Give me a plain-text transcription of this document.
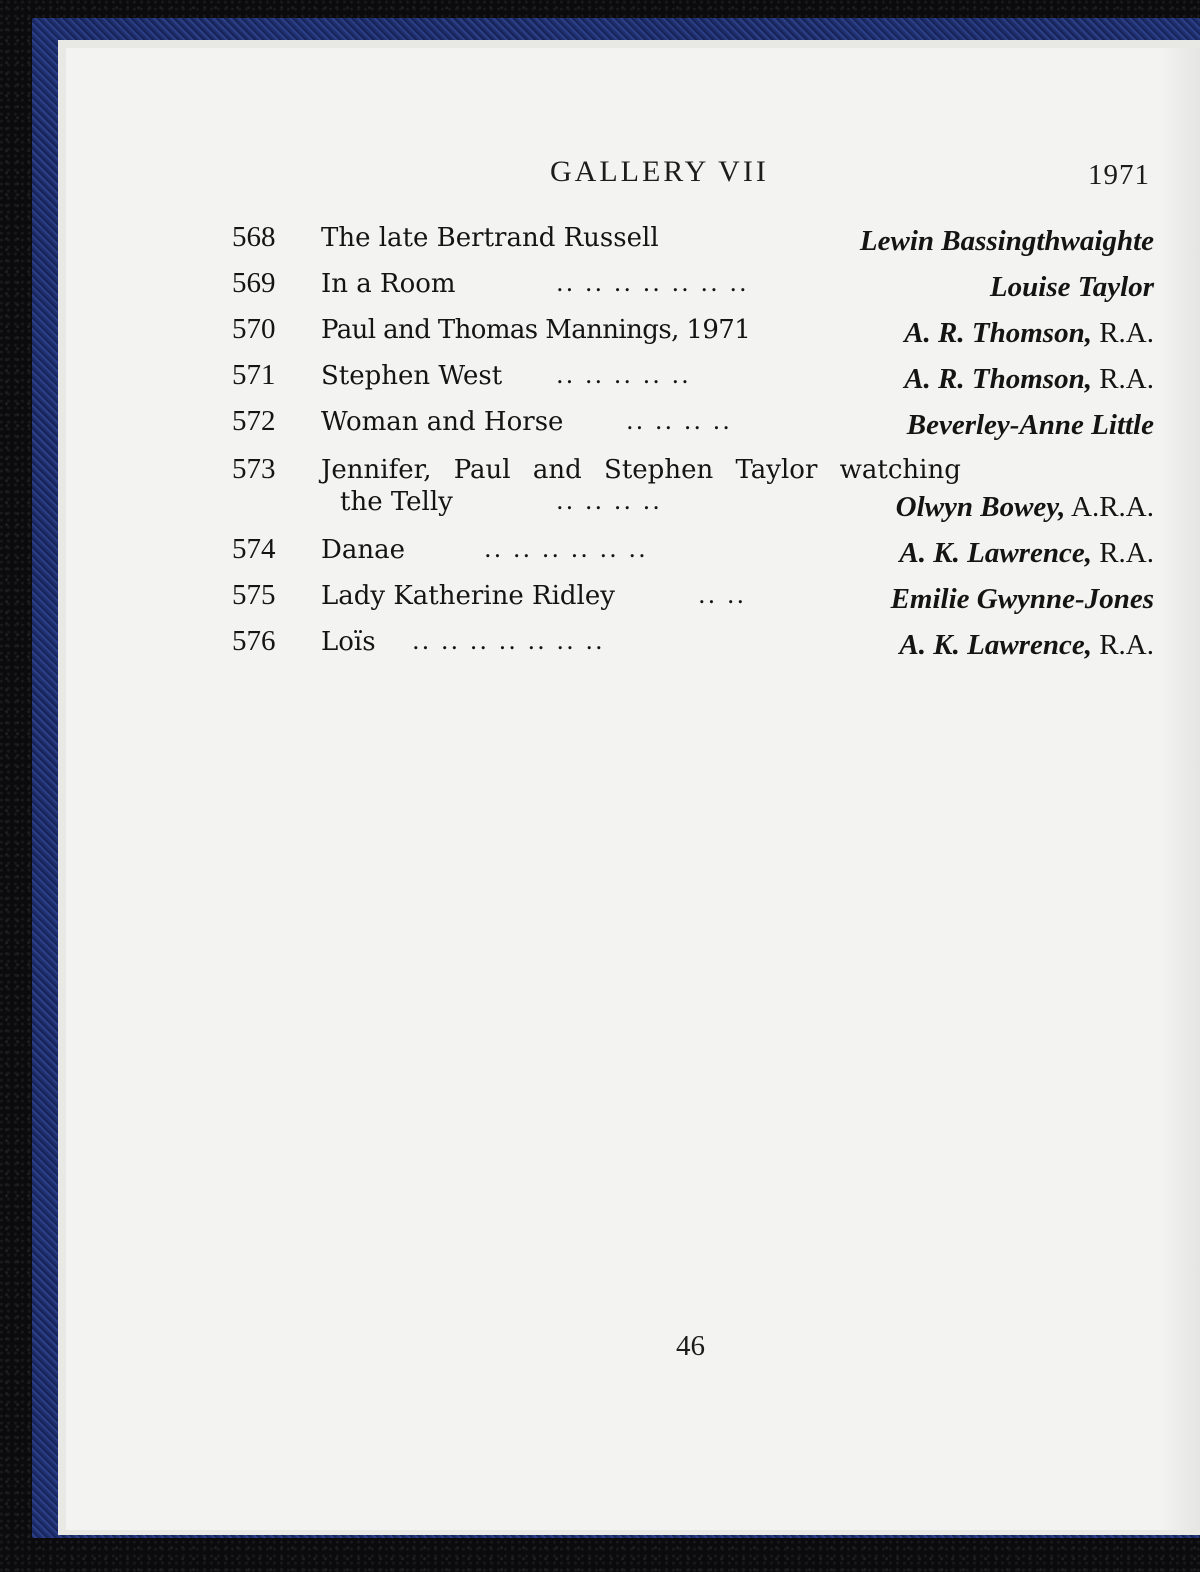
GALLERY VII	1971
568 The late Bertrand Russell	Lewin Bassingthwaighte
569 In a Room	.. .. .. .. .. .. ..	Louise Taylor
570 Paul and Thomas Mannings, 1971	A. R. Thomson, R.A.
571 Stephen West .. .. .. .. ..	A. R. Thomson, R.A.
572 Woman and Horse	.. .. .. ..	Beverley-Anne Little
573 Jennifer, Paul and Stephen Taylor watching
the Telly	.. .. .. ..	Olwyn Bowey, A.R.A.
574 Danae	.. .. .. .. .. ..	A. K. Lawrence, R.A.
575 Lady Katherine Ridley	.. ..	Emilie Gwynne-Jones
576 Loïs .. .. .. .. .. .. ..	A. K. Lawrence, R.A.
46
